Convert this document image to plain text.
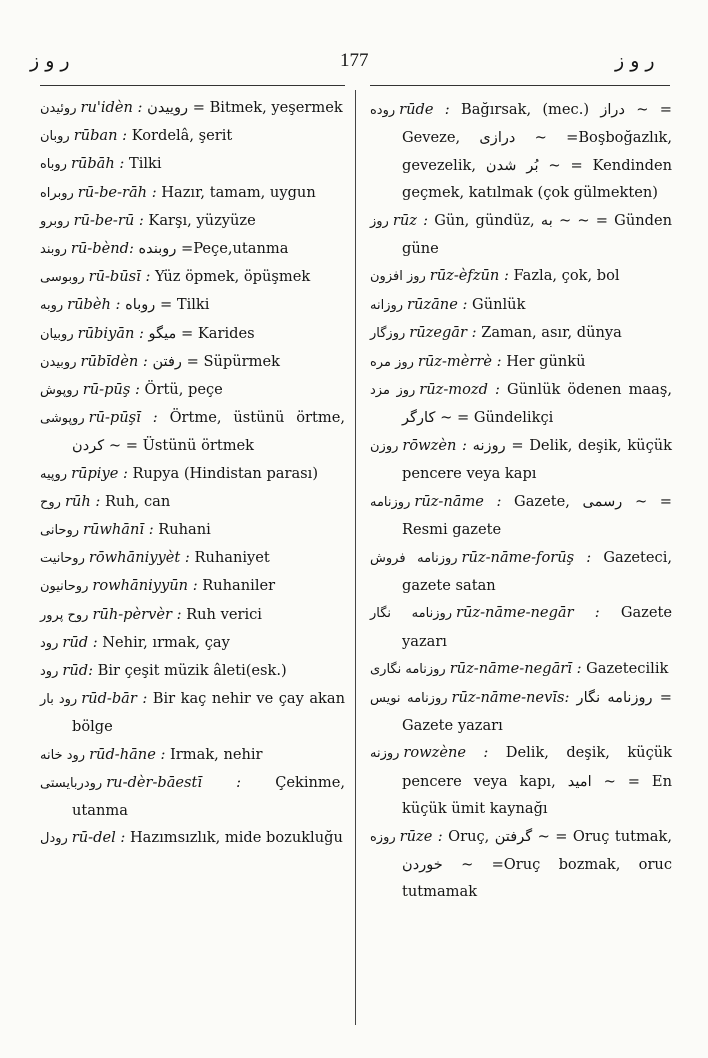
ر و ز	177	ر و ز
روئیدن ru'idèn : روییدن = Bitmek, yeşermek
روبان rūban : Kordelâ, şerit
روباه rūbāh : Tilki
روبراه rū-be-rāh : Hazır, tamam, uygun
روبرو rū-be-rū : Karşı, yüzyüze
روبند rū-bènd: روبنده =Peçe,utanma
روبوسی rū-būsī : Yüz öpmek, öpüşmek
روبه rūbèh : روباه = Tilki
روبیان rūbiyān : میگو = Karides
روبیدن rūbīdèn : رفتن = Süpürmek
روپوش rū-pūş : Örtü, peçe
روپوشی rū-pūşī : Örtme, üstünü örtme, کردن ~ = Üstünü örtmek
روپیه rūpiye : Rupya (Hindistan parası)
روح rūh : Ruh, can
روحانی rūwhānī : Ruhani
روحانیت rōwhāniyyèt : Ruhaniyet
روحانیون rowhāniyyūn : Ruhaniler
روح پرور rūh-pèrvèr : Ruh verici
رود rūd : Nehir, ırmak, çay
رود rūd: Bir çeşit müzik âleti(esk.)
رود بار rūd-bār : Bir kaç nehir ve çay akan bölge
رود خانه rūd-hāne : Irmak, nehir
رودربایستی ru-dèr-bāestī : Çekinme, utanma
رودل rū-del : Hazımsızlık, mide bozukluğu
روده rūde : Bağırsak, (mec.) دراز ~ = Geveze, درازی ~ =Boşboğazlık, gevezelik, بُر شدن ~ = Kendinden geçmek, katılmak (çok gülmekten)
روز rūz : Gün, gündüz, به ~ ~ = Günden güne
روز افزون rūz-èfzūn : Fazla, çok, bol
روزانه rūzāne : Günlük
روزگار rūzegār : Zaman, asır, dünya
روز مره rūz-mèrrè : Her günkü
روز مزد rūz-mozd : Günlük ödenen maaş, کارگر ~ = Gündelikçi
روزن rōwzèn : روزنه = Delik, deşik, küçük pencere veya kapı
روزنامه rūz-nāme : Gazete, رسمی ~ = Resmi gazete
روزنامه فروش rūz-nāme-forūş : Gazeteci, gazete satan
روزنامه نگار rūz-nāme-negār : Gazete yazarı
روزنامه نگاری rūz-nāme-negārī : Gazetecilik
روزنامه نویس rūz-nāme-nevīs: روزنامه نگار = Gazete yazarı
روزنه rowzène : Delik, deşik, küçük pencere veya kapı, امید ~ = En küçük ümit kaynağı
روزه rūze : Oruç, گرفتن ~ = Oruç tutmak, خوردن ~ =Oruç bozmak, oruc tutmamak
